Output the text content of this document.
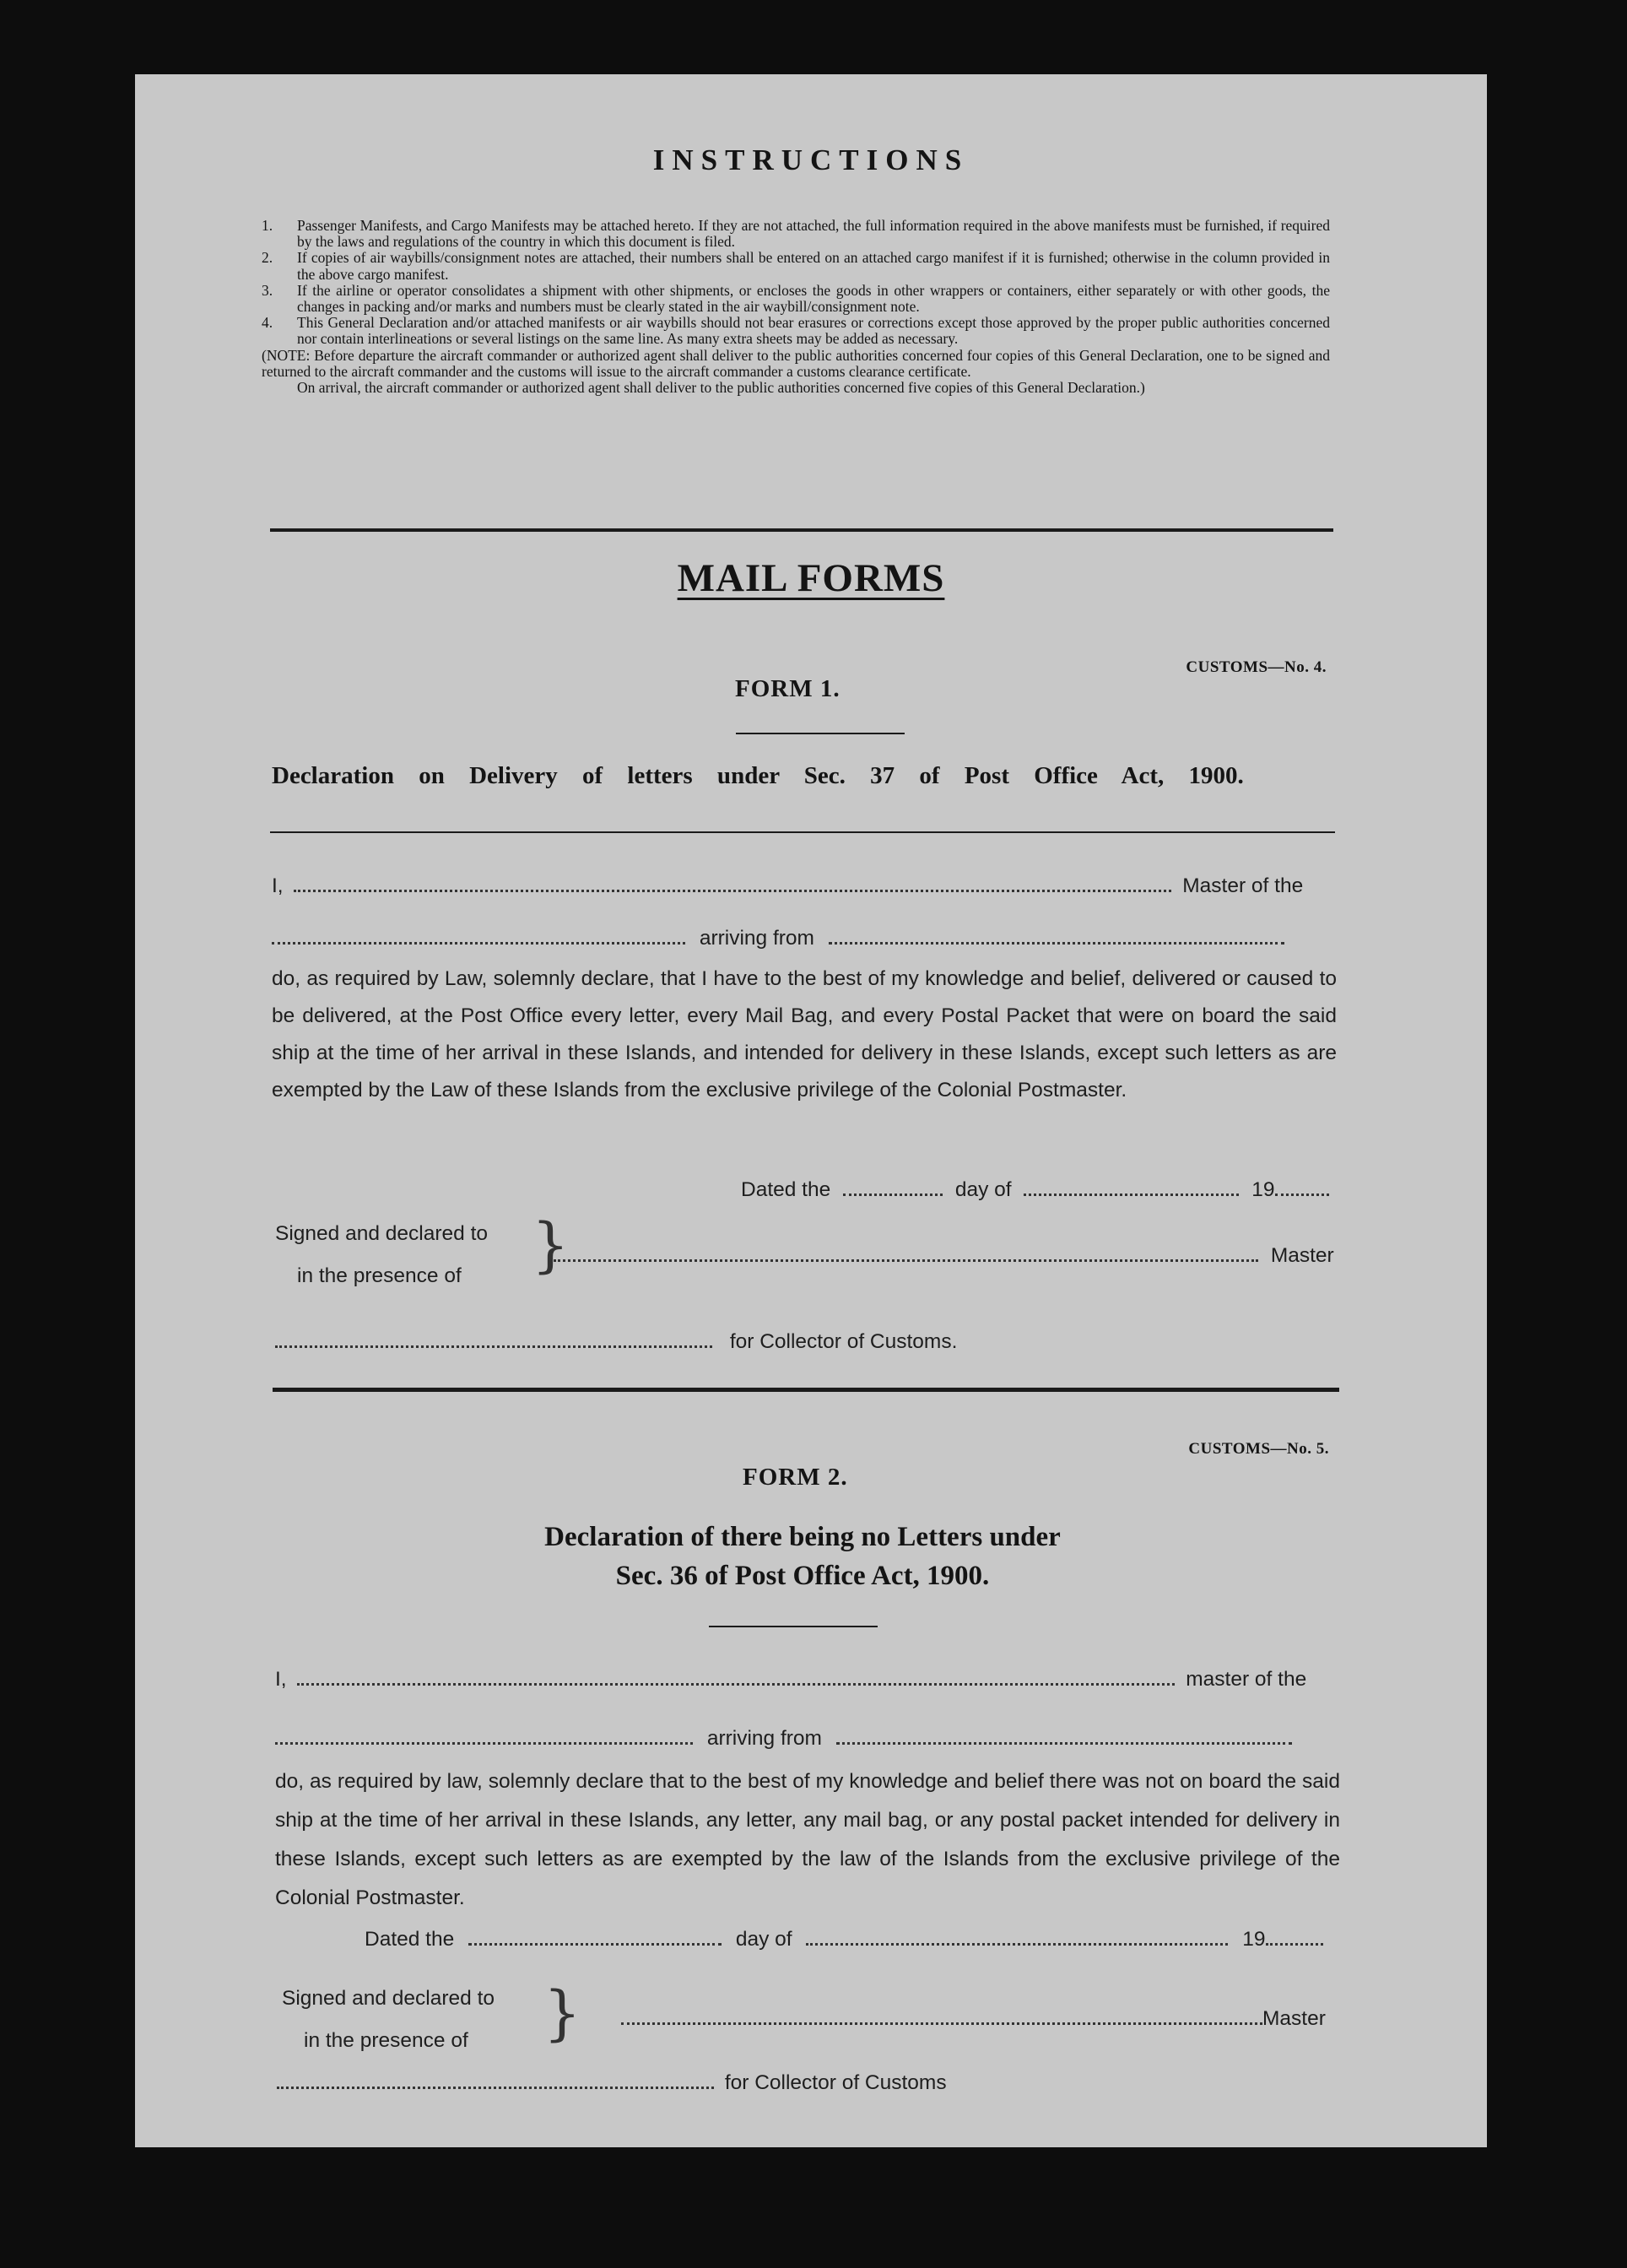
INSTRUCTIONS
1.	Passenger Manifests, and Cargo Manifests may be attached hereto. If they are not attached, the full information required in the above manifests must be furnished, if required by the laws and regulations of the country in which this document is filed.
2.	If copies of air waybills/consignment notes are attached, their numbers shall be entered on an attached cargo manifest if it is furnished; otherwise in the column provided in the above cargo manifest.
3.	If the airline or operator consolidates a shipment with other shipments, or encloses the goods in other wrappers or containers, either separately or with other goods, the changes in packing and/or marks and numbers must be clearly stated in the air waybill/consignment note.
4.	This General Declaration and/or attached manifests or air waybills should not bear erasures or corrections except those approved by the proper public authorities concerned nor contain interlineations or several listings on the same line. As many extra sheets may be added as necessary.
(NOTE: Before departure the aircraft commander or authorized agent shall deliver to the public authorities concerned four copies of this General Declaration, one to be signed and returned to the aircraft commander and the customs will issue to the aircraft commander a customs clearance certificate.
On arrival, the aircraft commander or authorized agent shall deliver to the public authorities concerned five copies of this General Declaration.)
MAIL FORMS
CUSTOMS—No. 4.
FORM 1.
Declaration on Delivery of letters under Sec. 37 of Post Office Act, 1900.
I,	Master of the
arriving from
do, as required by Law, solemnly declare, that I have to the best of my knowledge and belief, delivered or caused to be delivered, at the Post Office every letter, every Mail Bag, and every Postal Packet that were on board the said ship at the time of her arrival in these Islands, and intended for delivery in these Islands, except such letters as are exempted by the Law of these Islands from the exclusive privilege of the Colonial Postmaster.
Dated the	day of	19
Signed and declared to
in the presence of }	Master
for Collector of Customs.
CUSTOMS—No. 5.
FORM 2.
Declaration of there being no Letters under
Sec. 36 of Post Office Act, 1900.
I,	master of the
arriving from
do, as required by law, solemnly declare that to the best of my knowledge and belief there was not on board the said ship at the time of her arrival in these Islands, any letter, any mail bag, or any postal packet intended for delivery in these Islands, except such letters as are exempted by the law of the Islands from the exclusive privilege of the Colonial Postmaster.
Dated the	day of	19
Signed and declared to
in the presence of }	Master
for Collector of Customs
